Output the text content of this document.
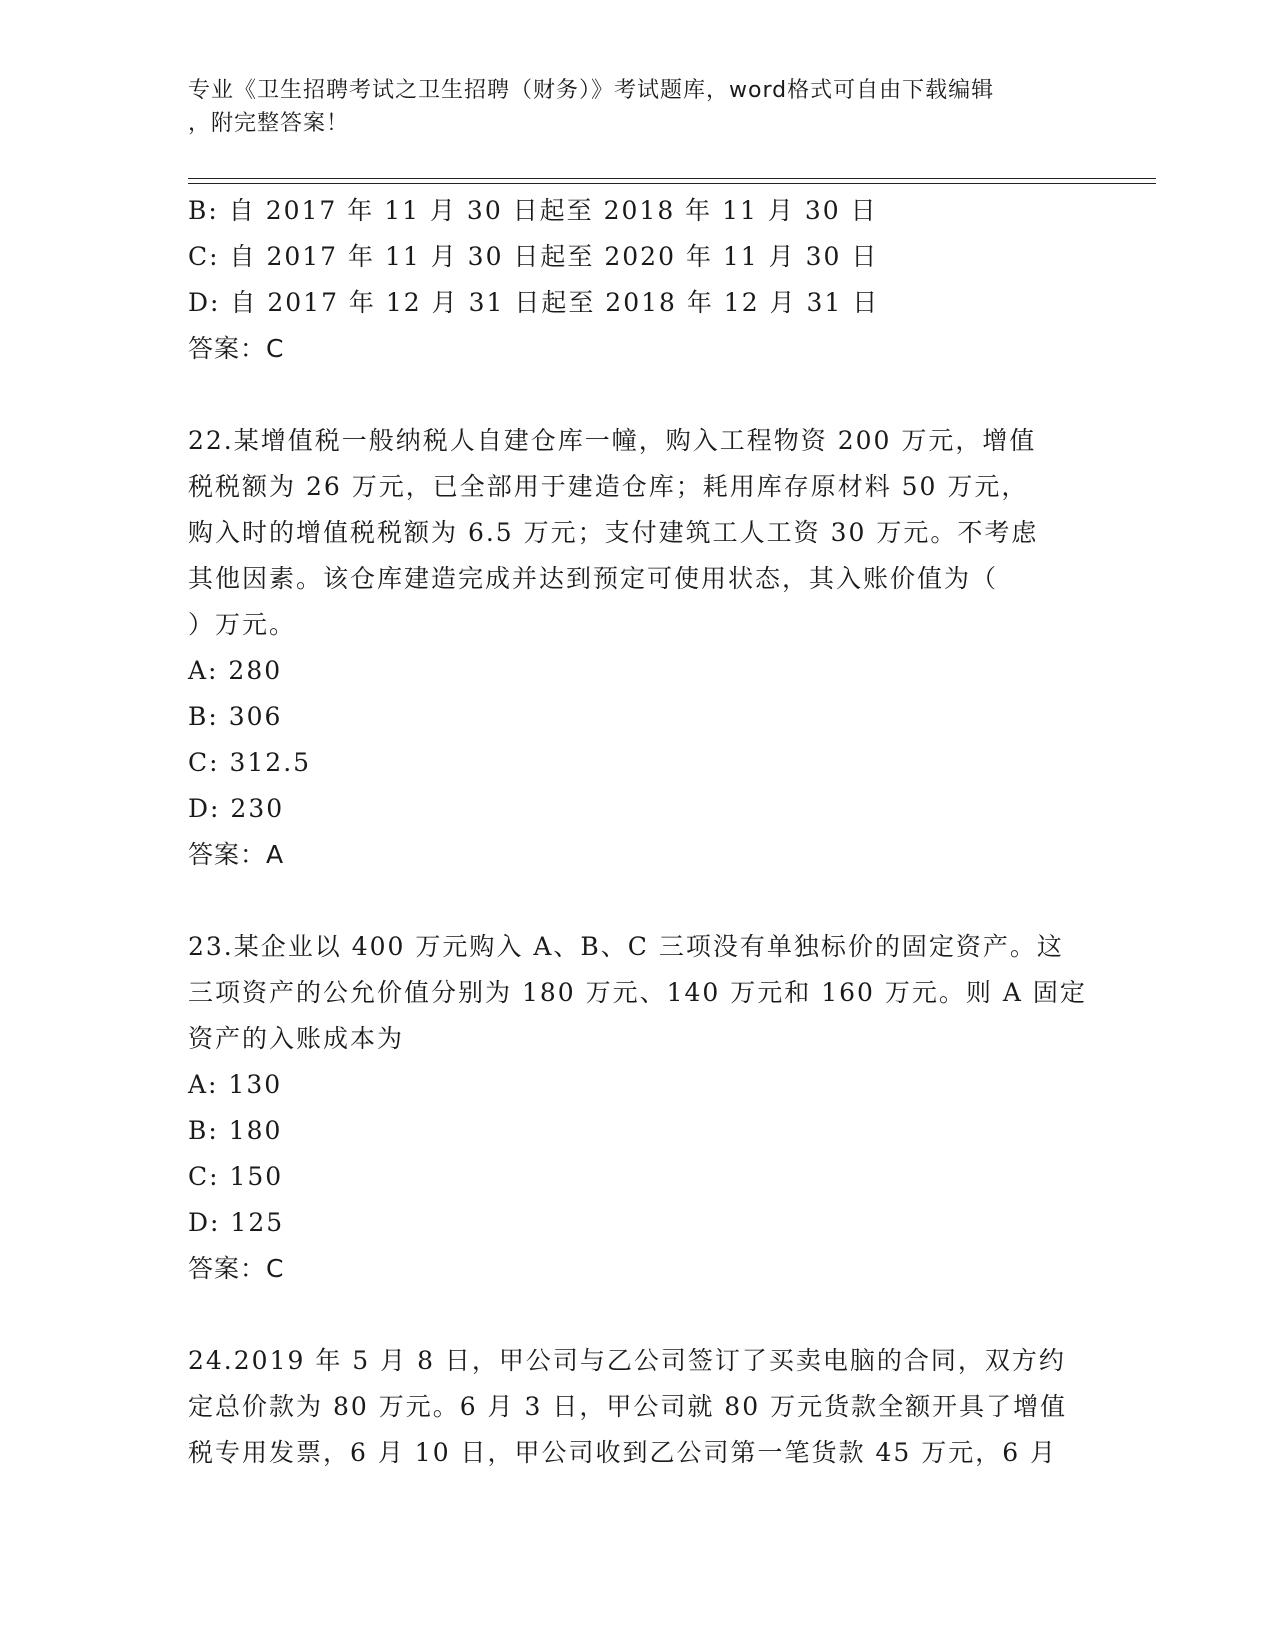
专业《卫生招聘考试之卫生招聘（财务）》考试题库，word格式可自由下载编辑
，附完整答案！
B: 自 2017 年 11 月 30 日起至 2018 年 11 月 30 日
C: 自 2017 年 11 月 30 日起至 2020 年 11 月 30 日
D: 自 2017 年 12 月 31 日起至 2018 年 12 月 31 日
答案：C
22.某增值税一般纳税人自建仓库一幢，购入工程物资 200 万元，增值
税税额为 26 万元，已全部用于建造仓库；耗用库存原材料 50 万元，
购入时的增值税税额为 6.5 万元；支付建筑工人工资 30 万元。不考虑
其他因素。该仓库建造完成并达到预定可使用状态，其入账价值为（
）万元。
A: 280
B: 306
C: 312.5
D: 230
答案：A
23.某企业以 400 万元购入 A、B、C 三项没有单独标价的固定资产。这
三项资产的公允价值分别为 180 万元、140 万元和 160 万元。则 A 固定
资产的入账成本为
A: 130
B: 180
C: 150
D: 125
答案：C
24.2019 年 5 月 8 日，甲公司与乙公司签订了买卖电脑的合同，双方约
定总价款为 80 万元。6 月 3 日，甲公司就 80 万元货款全额开具了增值
税专用发票，6 月 10 日，甲公司收到乙公司第一笔货款 45 万元，6 月
